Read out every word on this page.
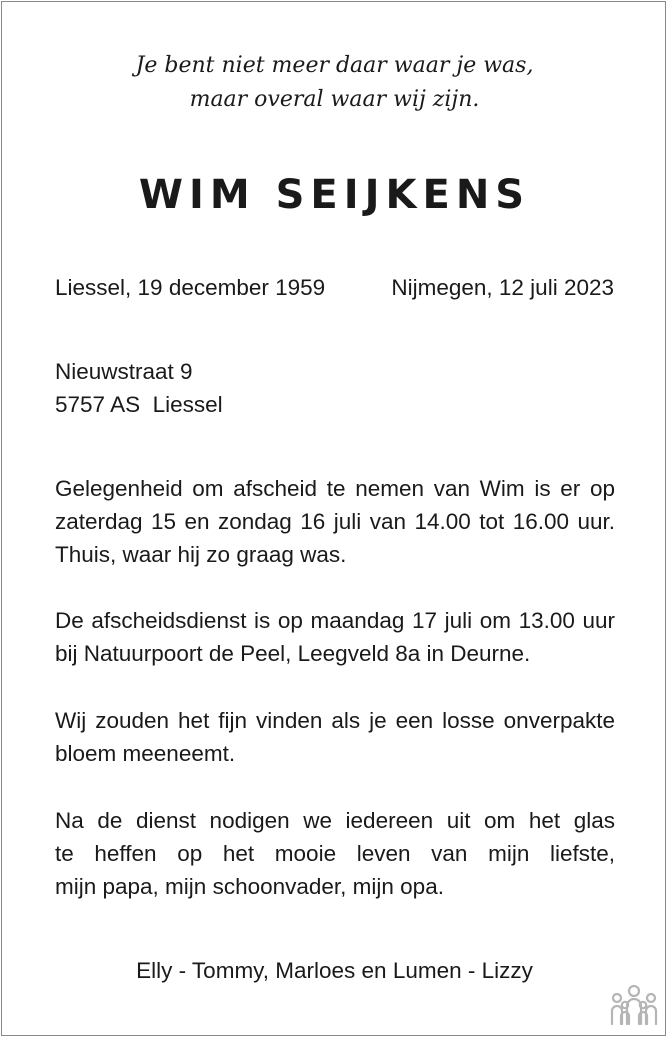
Je bent niet meer daar waar je was,
maar overal waar wij zijn.
WIM SEIJKENS
Liessel, 19 december 1959	Nijmegen, 12 juli 2023
Nieuwstraat 9
5757 AS  Liessel
Gelegenheid om afscheid te nemen van Wim is er op
zaterdag 15 en zondag 16 juli van 14.00 tot 16.00 uur.
Thuis, waar hij zo graag was.
De afscheidsdienst is op maandag 17 juli om 13.00 uur
bij Natuurpoort de Peel, Leegveld 8a in Deurne.
Wij zouden het fijn vinden als je een losse onverpakte
bloem meeneemt.
Na de dienst nodigen we iedereen uit om het glas
te heffen op het mooie leven van mijn liefste,
mijn papa, mijn schoonvader, mijn opa.
Elly - Tommy, Marloes en Lumen - Lizzy
